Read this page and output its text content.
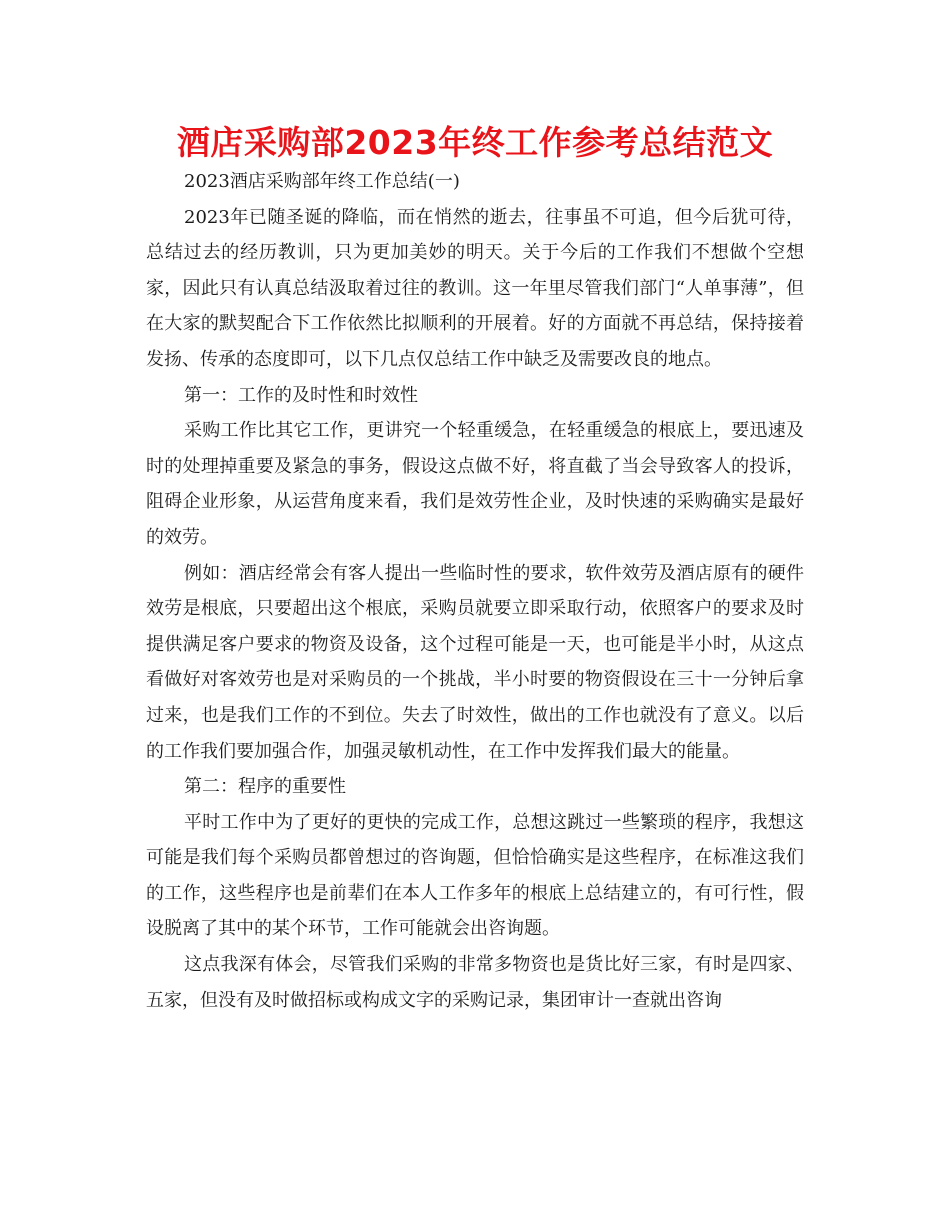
酒店采购部2023年终工作参考总结范文

2023酒店采购部年终工作总结(一)

2023年已随圣诞的降临，而在悄然的逝去，往事虽不可追，但今后犹可待，总结过去的经历教训，只为更加美妙的明天。关于今后的工作我们不想做个空想家，因此只有认真总结汲取着过往的教训。这一年里尽管我们部门“人单事薄”，但在大家的默契配合下工作依然比拟顺利的开展着。好的方面就不再总结，保持接着发扬、传承的态度即可，以下几点仅总结工作中缺乏及需要改良的地点。

第一：工作的及时性和时效性

采购工作比其它工作，更讲究一个轻重缓急，在轻重缓急的根底上，要迅速及时的处理掉重要及紧急的事务，假设这点做不好，将直截了当会导致客人的投诉，阻碍企业形象，从运营角度来看，我们是效劳性企业，及时快速的采购确实是最好的效劳。

例如：酒店经常会有客人提出一些临时性的要求，软件效劳及酒店原有的硬件效劳是根底，只要超出这个根底，采购员就要立即采取行动，依照客户的要求及时提供满足客户要求的物资及设备，这个过程可能是一天，也可能是半小时，从这点看做好对客效劳也是对采购员的一个挑战，半小时要的物资假设在三十一分钟后拿过来，也是我们工作的不到位。失去了时效性，做出的工作也就没有了意义。以后的工作我们要加强合作，加强灵敏机动性，在工作中发挥我们最大的能量。

第二：程序的重要性

平时工作中为了更好的更快的完成工作，总想这跳过一些繁琐的程序，我想这可能是我们每个采购员都曾想过的咨询题，但恰恰确实是这些程序，在标准这我们的工作，这些程序也是前辈们在本人工作多年的根底上总结建立的，有可行性，假设脱离了其中的某个环节，工作可能就会出咨询题。

这点我深有体会，尽管我们采购的非常多物资也是货比好三家，有时是四家、五家，但没有及时做招标或构成文字的采购记录，集团审计一查就出咨询
